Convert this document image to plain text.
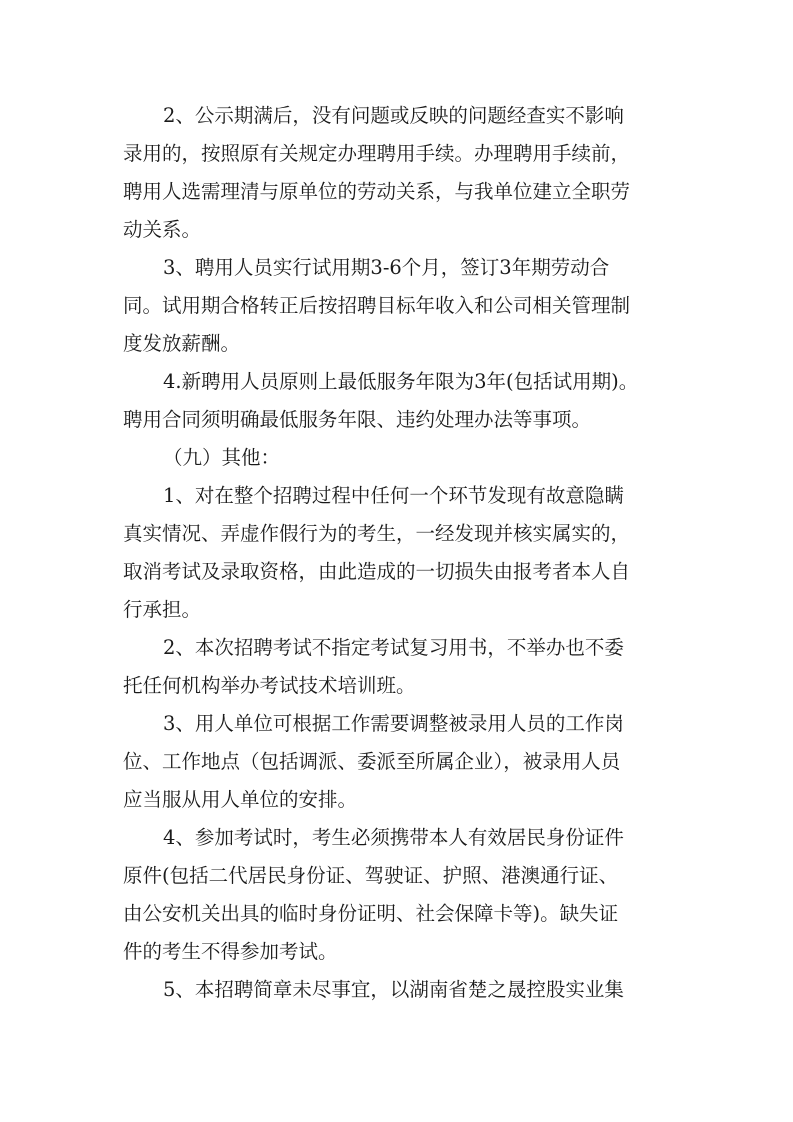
2、公示期满后，没有问题或反映的问题经查实不影响
录用的，按照原有关规定办理聘用手续。办理聘用手续前，
聘用人选需理清与原单位的劳动关系，与我单位建立全职劳
动关系。
3、聘用人员实行试用期3-6个月，签订3年期劳动合
同。试用期合格转正后按招聘目标年收入和公司相关管理制
度发放薪酬。
4.新聘用人员原则上最低服务年限为3年(包括试用期)。
聘用合同须明确最低服务年限、违约处理办法等事项。
（九）其他：
1、对在整个招聘过程中任何一个环节发现有故意隐瞒
真实情况、弄虚作假行为的考生，一经发现并核实属实的，
取消考试及录取资格，由此造成的一切损失由报考者本人自
行承担。
2、本次招聘考试不指定考试复习用书，不举办也不委
托任何机构举办考试技术培训班。
3、用人单位可根据工作需要调整被录用人员的工作岗
位、工作地点（包括调派、委派至所属企业），被录用人员
应当服从用人单位的安排。
4、参加考试时，考生必须携带本人有效居民身份证件
原件(包括二代居民身份证、驾驶证、护照、港澳通行证、
由公安机关出具的临时身份证明、社会保障卡等)。缺失证
件的考生不得参加考试。
5、本招聘简章未尽事宜，以湖南省楚之晟控股实业集
